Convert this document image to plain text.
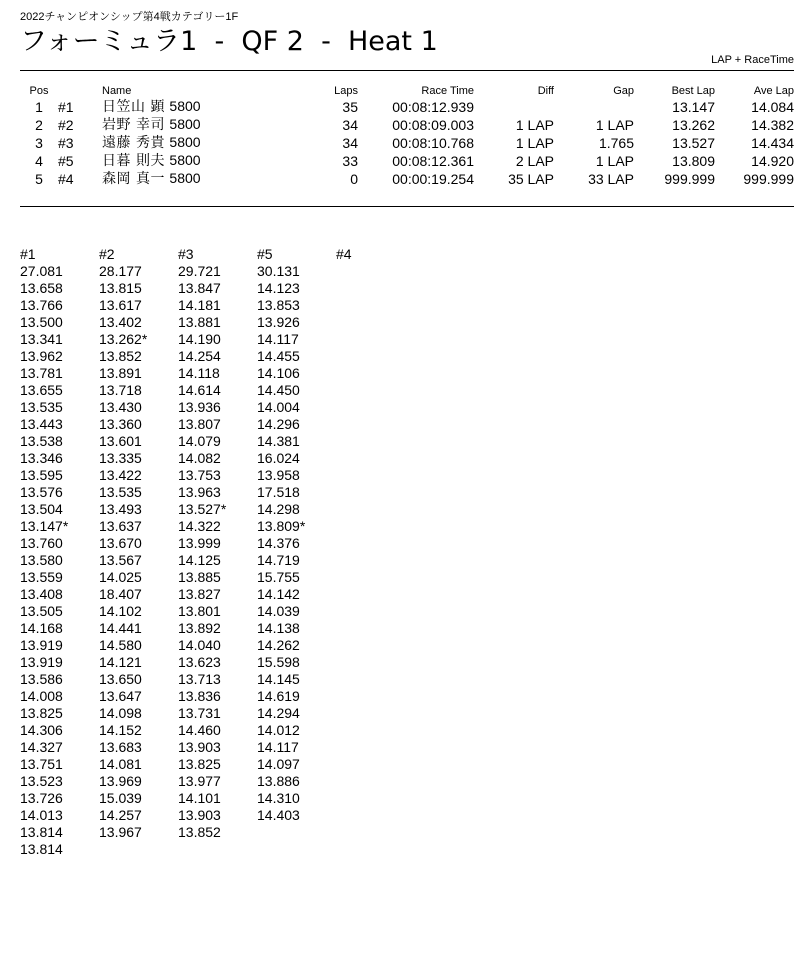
2022チャンピオンシップ第4戦カテゴリー1F
フォーミュラ1  -  QF 2  -  Heat 1
LAP + RaceTime
Pos		Name	Laps	Race Time	Diff	Gap	Best Lap	Ave Lap
1	#1	日笠山 顕 5800	35	00:08:12.939			13.147	14.084
2	#2	岩野 幸司 5800	34	00:08:09.003	1 LAP	1 LAP	13.262	14.382
3	#3	遠藤 秀貴 5800	34	00:08:10.768	1 LAP	1.765	13.527	14.434
4	#5	日暮 則夫 5800	33	00:08:12.361	2 LAP	1 LAP	13.809	14.920
5	#4	森岡 真一 5800	0	00:00:19.254	35 LAP	33 LAP	999.999	999.999
#1	#2	#3	#5	#4
27.081	28.177	29.721	30.131	
13.658	13.815	13.847	14.123	
13.766	13.617	14.181	13.853	
13.500	13.402	13.881	13.926	
13.341	13.262*	14.190	14.117	
13.962	13.852	14.254	14.455	
13.781	13.891	14.118	14.106	
13.655	13.718	14.614	14.450	
13.535	13.430	13.936	14.004	
13.443	13.360	13.807	14.296	
13.538	13.601	14.079	14.381	
13.346	13.335	14.082	16.024	
13.595	13.422	13.753	13.958	
13.576	13.535	13.963	17.518	
13.504	13.493	13.527*	14.298	
13.147*	13.637	14.322	13.809*	
13.760	13.670	13.999	14.376	
13.580	13.567	14.125	14.719	
13.559	14.025	13.885	15.755	
13.408	18.407	13.827	14.142	
13.505	14.102	13.801	14.039	
14.168	14.441	13.892	14.138	
13.919	14.580	14.040	14.262	
13.919	14.121	13.623	15.598	
13.586	13.650	13.713	14.145	
14.008	13.647	13.836	14.619	
13.825	14.098	13.731	14.294	
14.306	14.152	14.460	14.012	
14.327	13.683	13.903	14.117	
13.751	14.081	13.825	14.097	
13.523	13.969	13.977	13.886	
13.726	15.039	14.101	14.310	
14.013	14.257	13.903	14.403	
13.814	13.967	13.852		
13.814				
